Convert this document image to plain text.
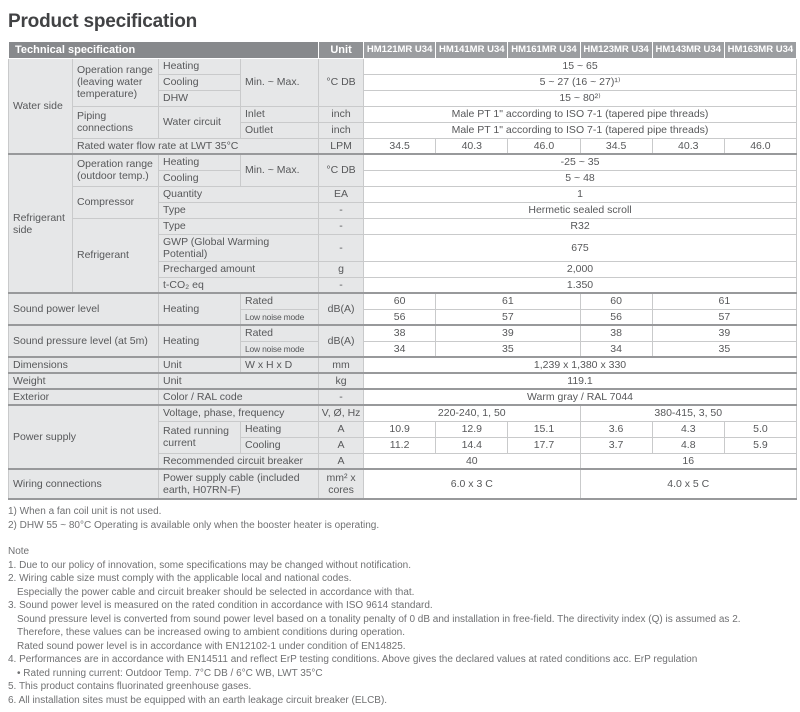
Product specification
Technical specification				Unit	HM121MR U34	HM141MR U34	HM161MR U34	HM123MR U34	HM143MR U34	HM163MR U34
Water side	Operation range (leaving water temperature)	Heating	Min. ~ Max.	°C DB	15 ~ 65					
		Cooling			5 ~ 27 (16 ~ 27)¹⁾					
		DHW			15 ~ 80²⁾					
	Piping connections	Water circuit	Inlet	inch	Male PT 1" according to ISO 7-1 (tapered pipe threads)					
			Outlet	inch	Male PT 1" according to ISO 7-1 (tapered pipe threads)					
	Rated water flow rate at LWT 35°C			LPM	34.5	40.3	46.0	34.5	40.3	46.0
Refrigerant side	Operation range (outdoor temp.)	Heating	Min. ~ Max.	°C DB	-25 ~ 35					
		Cooling			5 ~ 48					
	Compressor	Quantity		EA	1					
		Type		-	Hermetic sealed scroll					
	Refrigerant	Type		-	R32					
		GWP (Global Warming Potential)		-	675					
		Precharged amount		g	2,000					
		t-CO₂ eq		-	1.350					
Sound power level		Heating	Rated	dB(A)	60	61		60	61	
			Low noise mode		56	57		56	57	
Sound pressure level (at 5m)		Heating	Rated	dB(A)	38	39		38	39	
			Low noise mode		34	35		34	35	
Dimensions		Unit	W x H x D	mm	1,239 x 1,380 x 330					
Weight		Unit		kg	119.1					
Exterior		Color / RAL code		-	Warm gray / RAL 7044					
Power supply		Voltage, phase, frequency		V, Ø, Hz	220-240, 1, 50			380-415, 3, 50		
		Rated running current	Heating	A	10.9	12.9	15.1	3.6	4.3	5.0
			Cooling	A	11.2	14.4	17.7	3.7	4.8	5.9
		Recommended circuit breaker		A	40			16		
Wiring connections		Power supply cable (included earth, H07RN-F)		mm² x cores	6.0 x 3 C			4.0 x 5 C		
1) When a fan coil unit is not used.
2) DHW 55 ~ 80°C Operating is available only when the booster heater is operating.
Note
1. Due to our policy of innovation, some specifications may be changed without notification.
2. Wiring cable size must comply with the applicable local and national codes.
Especially the power cable and circuit breaker should be selected in accordance with that.
3. Sound power level is measured on the rated condition in accordance with ISO 9614 standard.
Sound pressure level is converted from sound power level based on a tonality penalty of 0 dB and installation in free-field. The directivity index (Q) is assumed as 2.
Therefore, these values can be increased owing to ambient conditions during operation.
Rated sound power level is in accordance with EN12102-1 under condition of EN14825.
4. Performances are in accordance with EN14511 and reflect ErP testing conditions. Above gives the declared values at rated conditions acc. ErP regulation
• Rated running current: Outdoor Temp. 7°C DB / 6°C WB, LWT 35°C
5. This product contains fluorinated greenhouse gases.
6. All installation sites must be equipped with an earth leakage circuit breaker (ELCB).
